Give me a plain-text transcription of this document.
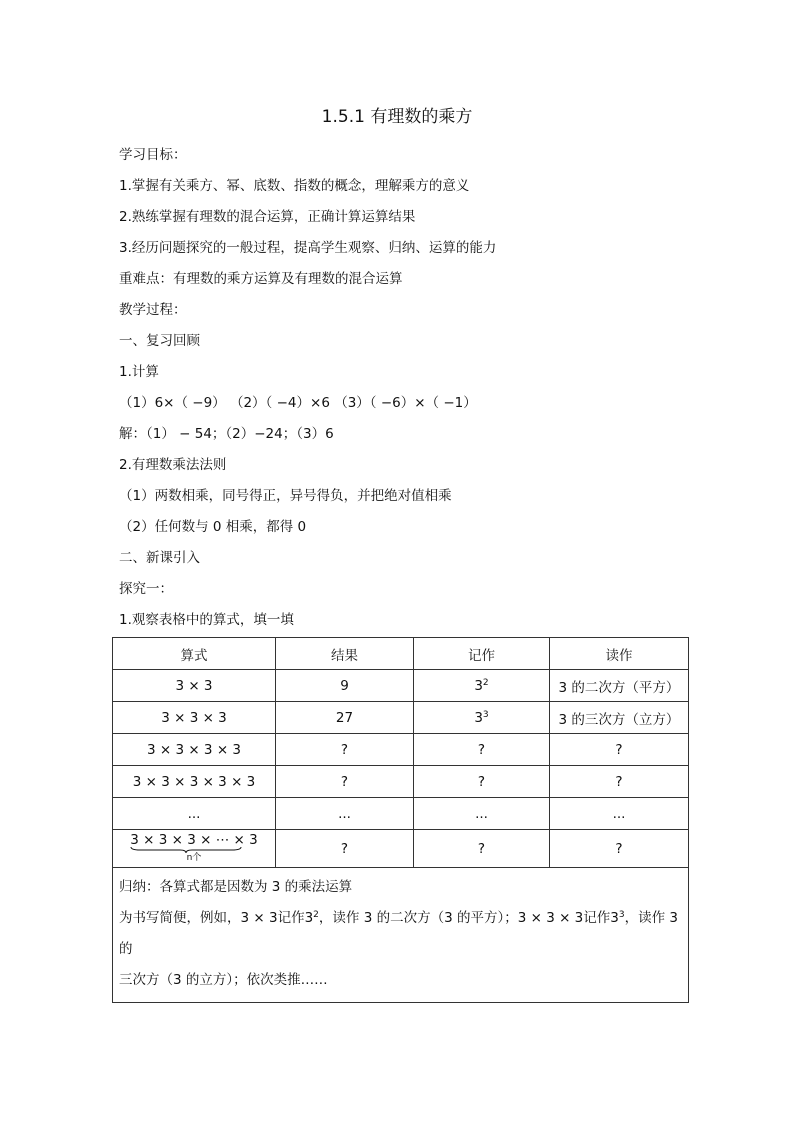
1.5.1 有理数的乘方
学习目标：
1.掌握有关乘方、幂、底数、指数的概念，理解乘方的意义
2.熟练掌握有理数的混合运算，正确计算运算结果
3.经历问题探究的一般过程，提高学生观察、归纳、运算的能力
重难点：有理数的乘方运算及有理数的混合运算
教学过程：
一、复习回顾
1.计算
（1）6×（ −9） （2）（ −4）×6 （3）（ −6）×（ −1）
解：（1） − 54；（2）−24；（3）6
2.有理数乘法法则
（1）两数相乘，同号得正，异号得负，并把绝对值相乘
（2）任何数与 0 相乘，都得 0
二、新课引入
探究一：
1.观察表格中的算式，填一填
算式	结果	记作	读作
3 × 3	9	$3^2$	3 的二次方（平方）
3 × 3 × 3	27	$3^3$	3 的三次方（立方）
3 × 3 × 3 × 3	?	?	?
3 × 3 × 3 × 3 × 3	?	?	?
...	...	...	...
3 × 3 × 3 × ⋯ × 3
n个	?	?	?

归纳：各算式都是因数为 3 的乘法运算
为书写简便，例如，3 × 3记作$3^2$，读作 3 的二次方（3 的平方）；3 × 3 × 3记作$3^3$，读作 3 的
三次方（3 的立方）；依次类推……			
